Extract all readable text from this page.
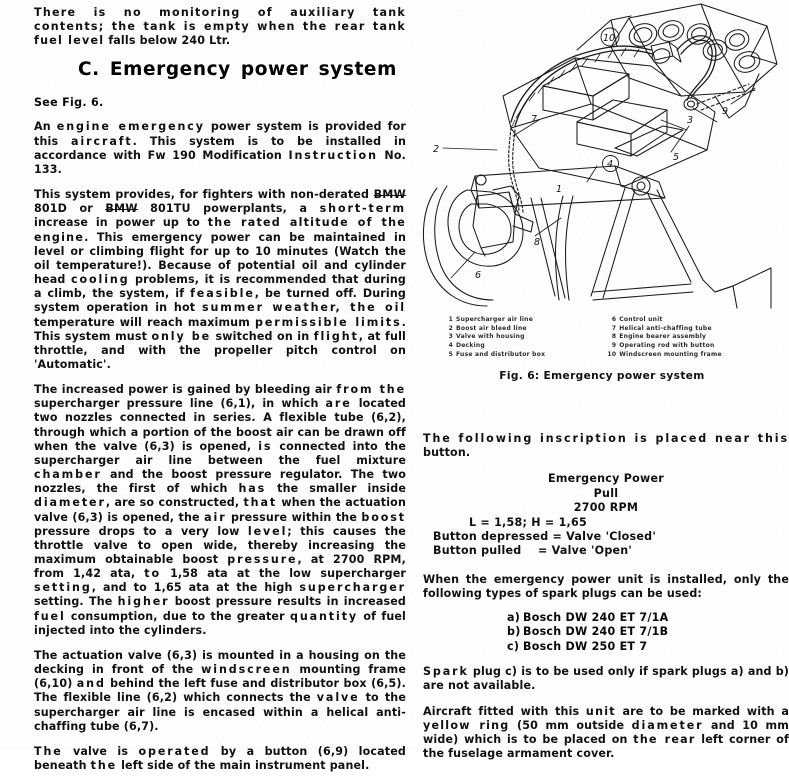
There is no monitoring of auxiliary tank contents; the tank is empty when the rear tank fuel level falls below 240 Ltr.

C. Emergency power system

See Fig. 6.

An engine emergency power system is provided for this aircraft. This system is to be installed in accordance with Fw 190 Modification Instruction No. 133.

This system provides, for fighters with non-derated BMW 801D or BMW 801TU powerplants, a short-term increase in power up to the rated altitude of the engine. This emergency power can be maintained in level or climbing flight for up to 10 minutes (Watch the oil temperature!). Because of potential oil and cylinder head cooling problems, it is recommended that during a climb, the system, if feasible, be turned off. During system operation in hot summer weather, the oil temperature will reach maximum permissible limits. This system must only be switched on in flight, at full throttle, and with the propeller pitch control on 'Automatic'.

The increased power is gained by bleeding air from the supercharger pressure line (6,1), in which are located two nozzles connected in series. A flexible tube (6,2), through which a portion of the boost air can be drawn off when the valve (6,3) is opened, is connected into the supercharger air line between the fuel mixture chamber and the boost pressure regulator. The two nozzles, the first of which has the smaller inside diameter, are so constructed, that when the actuation valve (6,3) is opened, the air pressure within the boost pressure drops to a very low level; this causes the throttle valve to open wide, thereby increasing the maximum obtainable boost pressure, at 2700 RPM, from 1,42 ata, to 1,58 ata at the low supercharger setting, and to 1,65 ata at the high supercharger setting. The higher boost pressure results in increased fuel consumption, due to the greater quantity of fuel injected into the cylinders.

The actuation valve (6,3) is mounted in a housing on the decking in front of the windscreen mounting frame (6,10) and behind the left fuse and distributor box (6,5). The flexible line (6,2) which connects the valve to the supercharger air line is encased within a helical anti-chaffing tube (6,7).

The valve is operated by a button (6,9) located beneath the left side of the main instrument panel.

1
2
3
4
5
6
7
8
9
10
1 Supercharger air line
2 Boost air bleed line
3 Valve with housing
4 Decking
5 Fuse and distributor box
6 Control unit
7 Helical anti-chaffing tube
8 Engine bearer assembly
9 Operating rod with button
10 Windscreen mounting frame
Fig. 6: Emergency power system

The following inscription is placed near this button.

Emergency Power
Pull
2700 RPM
L = 1,58; H = 1,65
Button depressed = Valve 'Closed'
Button pulled    = Valve 'Open'

When the emergency power unit is installed, only the following types of spark plugs can be used:

a) Bosch DW 240 ET 7/1A
b) Bosch DW 240 ET 7/1B
c) Bosch DW 250 ET 7

Spark plug c) is to be used only if spark plugs a) and b) are not available.

Aircraft fitted with this unit are to be marked with a yellow ring (50 mm outside diameter and 10 mm wide) which is to be placed on the rear left corner of the fuselage armament cover.
